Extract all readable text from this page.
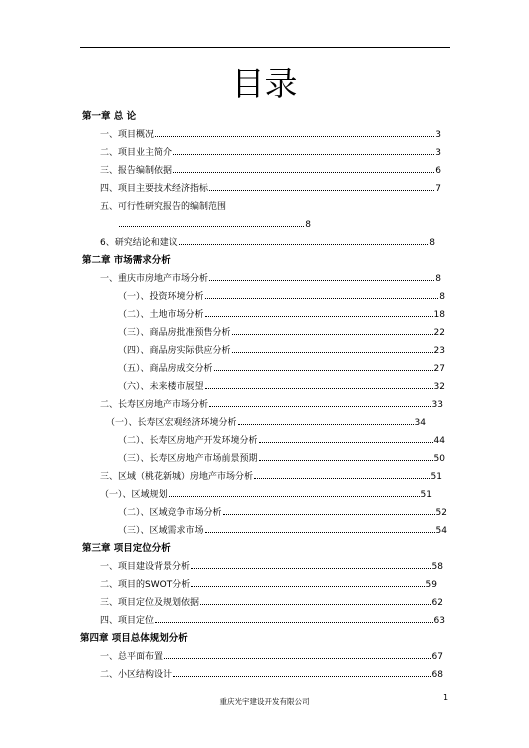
目录
第一章 总 论
一、项目概况	3
二、项目业主简介	3
三、报告编制依据	6
四、项目主要技术经济指标	7
五、可行性研究报告的编制范围
8
6、研究结论和建议	8
第二章 市场需求分析
一、重庆市房地产市场分析	8
（一）、投资环境分析	8
（二）、土地市场分析	18
（三）、商品房批准预售分析	22
（四）、商品房实际供应分析	23
（五）、商品房成交分析	27
（六）、未来楼市展望	32
二、长寿区房地产市场分析	33
（一）、长寿区宏观经济环境分析	34
（二）、长寿区房地产开发环境分析	44
（三）、长寿区房地产市场前景预期	50
三、区域（桃花新城）房地产市场分析	51
（一）、区域规划	51
（二）、区域竞争市场分析	52
（三）、区域需求市场	54
第三章 项目定位分析
一、项目建设背景分析	58
二、项目的SWOT分析	59
三、项目定位及规划依据	62
四、项目定位	63
第四章 项目总体规划分析
一、总平面布置	67
二、小区结构设计	68
重庆光宇建设开发有限公司	1
